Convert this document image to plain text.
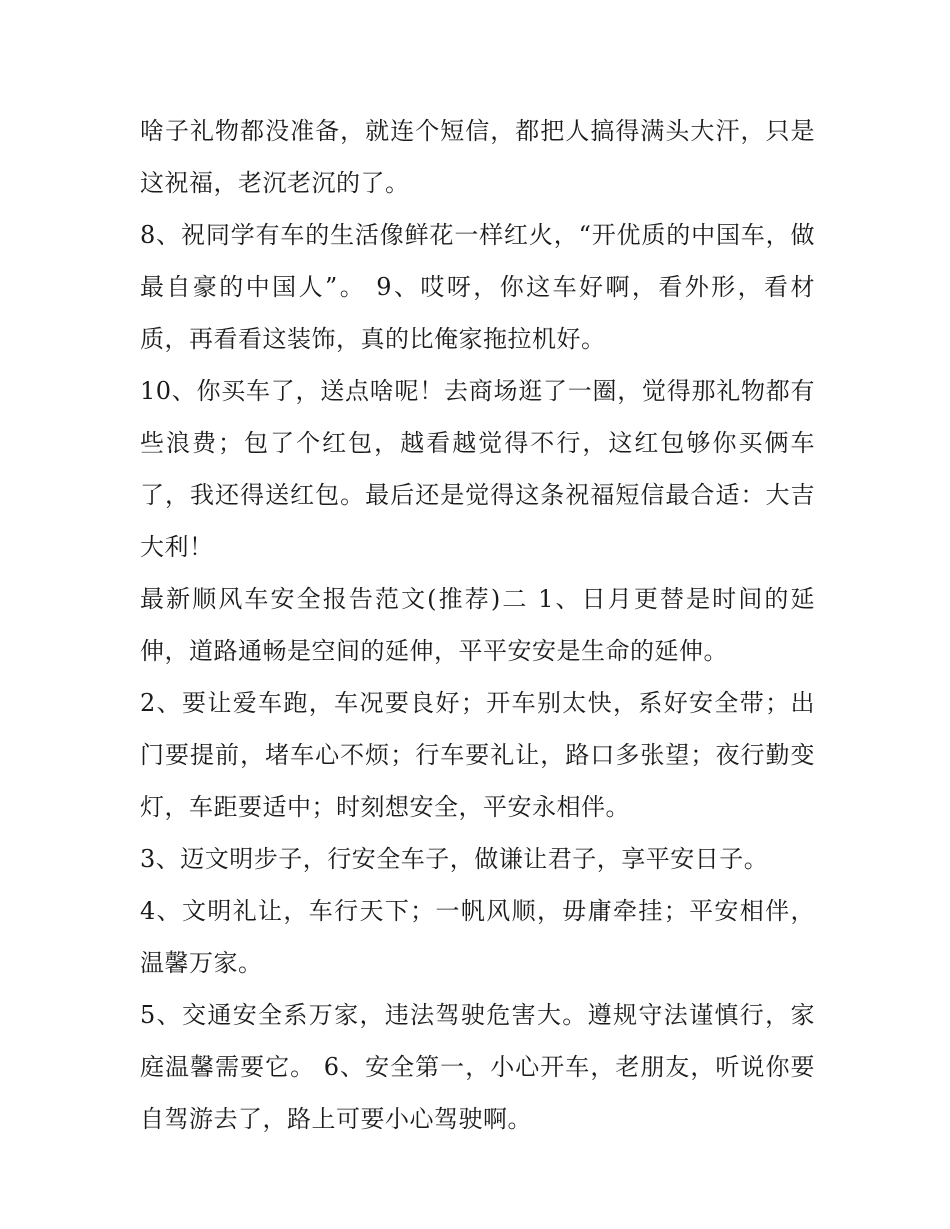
啥子礼物都没准备，就连个短信，都把人搞得满头大汗，只是
这祝福，老沉老沉的了。
8、祝同学有车的生活像鲜花一样红火，“开优质的中国车，做
最自豪的中国人”。 9、哎呀，你这车好啊，看外形，看材
质，再看看这装饰，真的比俺家拖拉机好。
10、你买车了，送点啥呢！去商场逛了一圈，觉得那礼物都有
些浪费；包了个红包，越看越觉得不行，这红包够你买俩车
了，我还得送红包。最后还是觉得这条祝福短信最合适：大吉
大利！
最新顺风车安全报告范文(推荐)二 1、日月更替是时间的延
伸，道路通畅是空间的延伸，平平安安是生命的延伸。
2、要让爱车跑，车况要良好；开车别太快，系好安全带；出
门要提前，堵车心不烦；行车要礼让，路口多张望；夜行勤变
灯，车距要适中；时刻想安全，平安永相伴。
3、迈文明步子，行安全车子，做谦让君子，享平安日子。
4、文明礼让，车行天下；一帆风顺，毋庸牵挂；平安相伴，
温馨万家。
5、交通安全系万家，违法驾驶危害大。遵规守法谨慎行，家
庭温馨需要它。 6、安全第一，小心开车，老朋友，听说你要
自驾游去了，路上可要小心驾驶啊。
